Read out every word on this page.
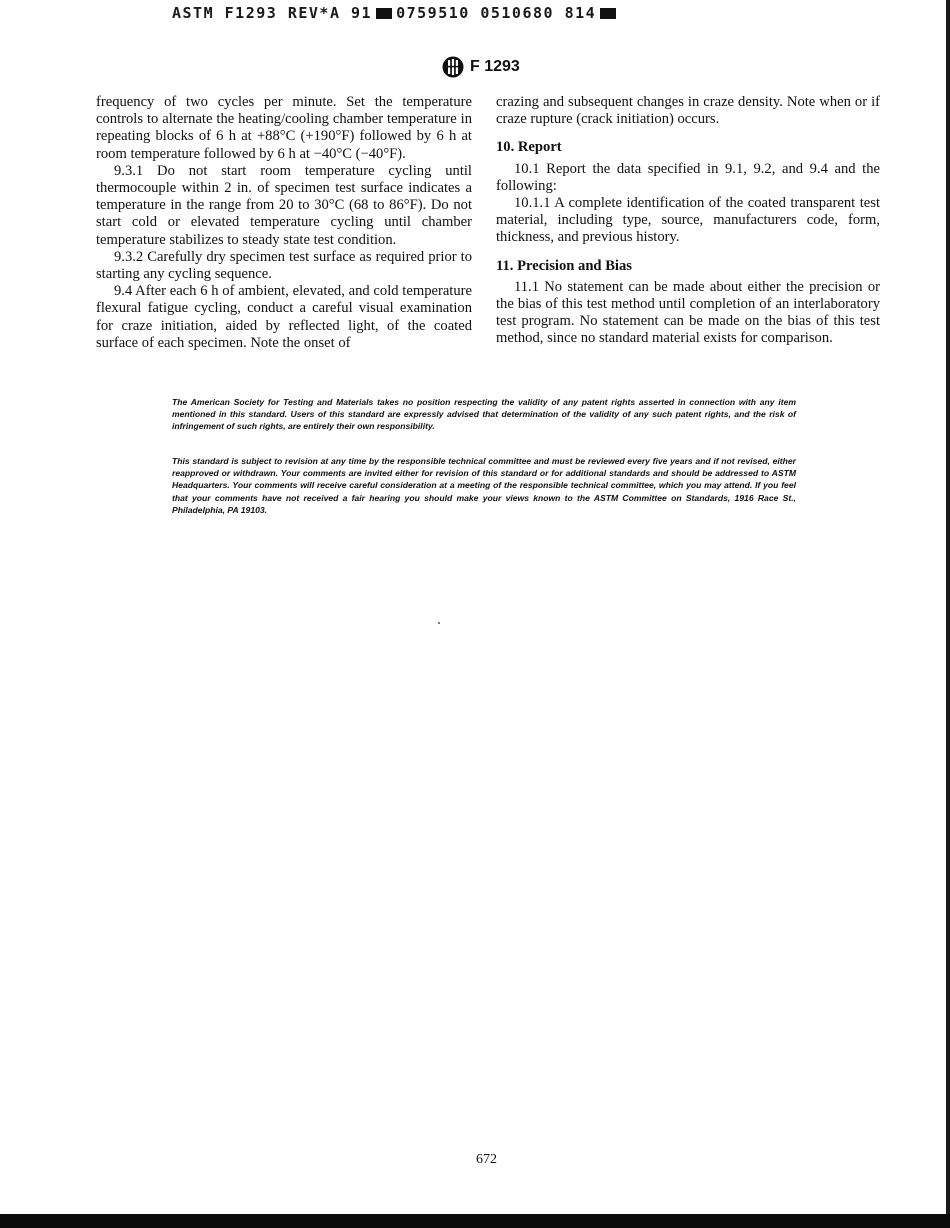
ASTM F1293 REV*A 91 0759510 0510680 814
F 1293

frequency of two cycles per minute. Set the temperature controls to alternate the heating/cooling chamber temperature in repeating blocks of 6 h at +88°C (+190°F) followed by 6 h at room temperature followed by 6 h at −40°C (−40°F).

9.3.1 Do not start room temperature cycling until thermocouple within 2 in. of specimen test surface indicates a temperature in the range from 20 to 30°C (68 to 86°F). Do not start cold or elevated temperature cycling until chamber temperature stabilizes to steady state test condition.

9.3.2 Carefully dry specimen test surface as required prior to starting any cycling sequence.

9.4 After each 6 h of ambient, elevated, and cold temperature flexural fatigue cycling, conduct a careful visual examination for craze initiation, aided by reflected light, of the coated surface of each specimen. Note the onset of

crazing and subsequent changes in craze density. Note when or if craze rupture (crack initiation) occurs.

10. Report

10.1 Report the data specified in 9.1, 9.2, and 9.4 and the following:

10.1.1 A complete identification of the coated transparent test material, including type, source, manufacturers code, form, thickness, and previous history.

11. Precision and Bias

11.1 No statement can be made about either the precision or the bias of this test method until completion of an interlaboratory test program. No statement can be made on the bias of this test method, since no standard material exists for comparison.

The American Society for Testing and Materials takes no position respecting the validity of any patent rights asserted in connection with any item mentioned in this standard. Users of this standard are expressly advised that determination of the validity of any such patent rights, and the risk of infringement of such rights, are entirely their own responsibility.
This standard is subject to revision at any time by the responsible technical committee and must be reviewed every five years and if not revised, either reapproved or withdrawn. Your comments are invited either for revision of this standard or for additional standards and should be addressed to ASTM Headquarters. Your comments will receive careful consideration at a meeting of the responsible technical committee, which you may attend. If you feel that your comments have not received a fair hearing you should make your views known to the ASTM Committee on Standards, 1916 Race St., Philadelphia, PA 19103.
672
